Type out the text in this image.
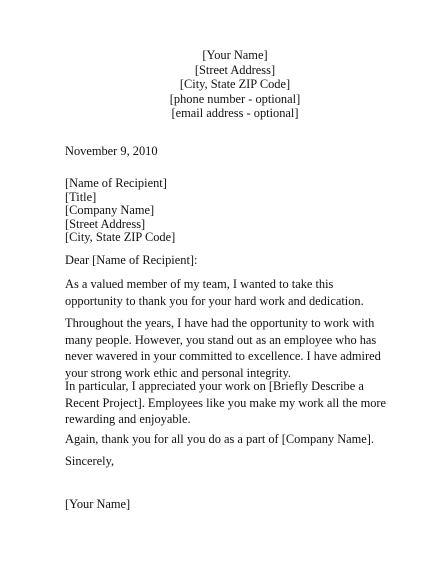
[Your Name]
[Street Address]
[City, State ZIP Code]
[phone number - optional]
[email address - optional]
November 9, 2010
[Name of Recipient]
[Title]
[Company Name]
[Street Address]
[City, State ZIP Code]
Dear [Name of Recipient]:
As a valued member of my team, I wanted to take this
opportunity to thank you for your hard work and dedication.
Throughout the years, I have had the opportunity to work with
many people. However, you stand out as an employee who has
never wavered in your committed to excellence. I have admired
your strong work ethic and personal integrity.
In particular, I appreciated your work on [Briefly Describe a
Recent Project]. Employees like you make my work all the more
rewarding and enjoyable.
Again, thank you for all you do as a part of [Company Name].
Sincerely,
[Your Name]
